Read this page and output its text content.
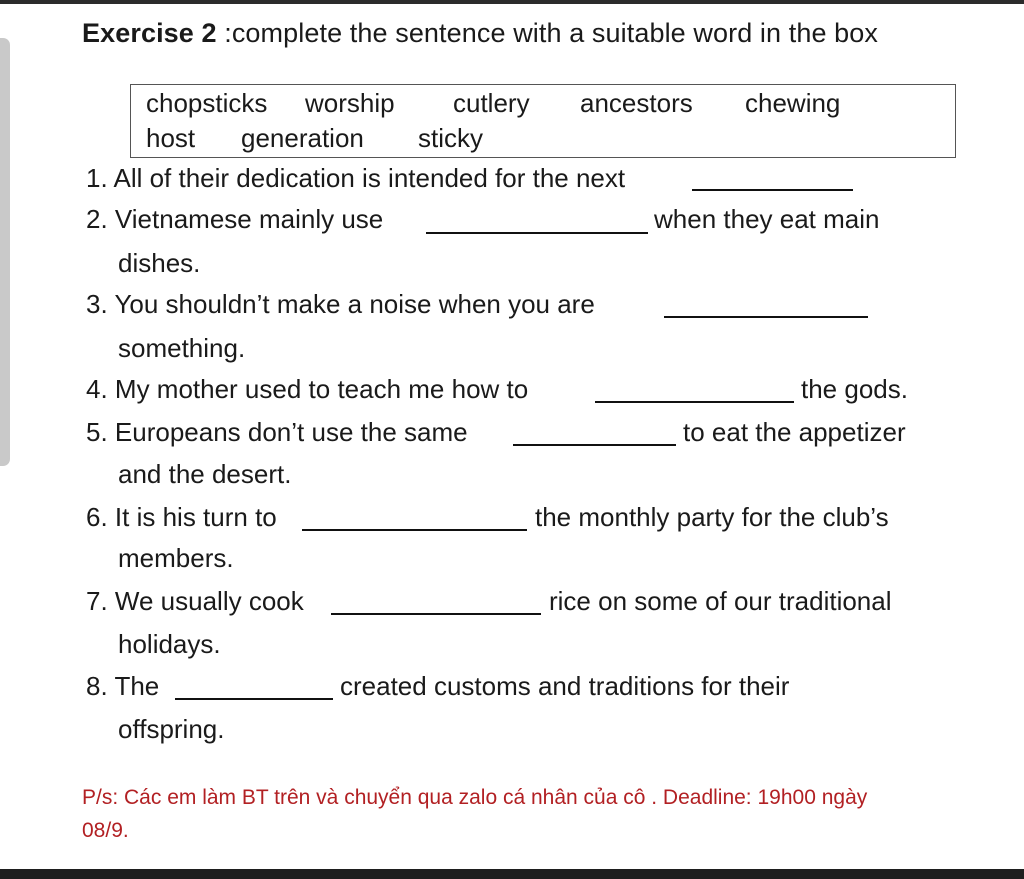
Exercise 2 :complete the sentence with a suitable word in the box
chopsticks worship cutlery ancestors chewing
host generation sticky
1. All of their dedication is intended for the next
2. Vietnamese mainly use	when they eat main
dishes.
3. You shouldn’t make a noise when you are
something.
4. My mother used to teach me how to	the gods.
5. Europeans don’t use the same	to eat the appetizer
and the desert.
6. It is his turn to	the monthly party for the club’s
members.
7. We usually cook	rice on some of our traditional
holidays.
8. The	created customs and traditions for their
offspring.
P/s: Các em làm BT trên và chuyển qua zalo cá nhân của cô . Deadline: 19h00 ngày
08/9.
